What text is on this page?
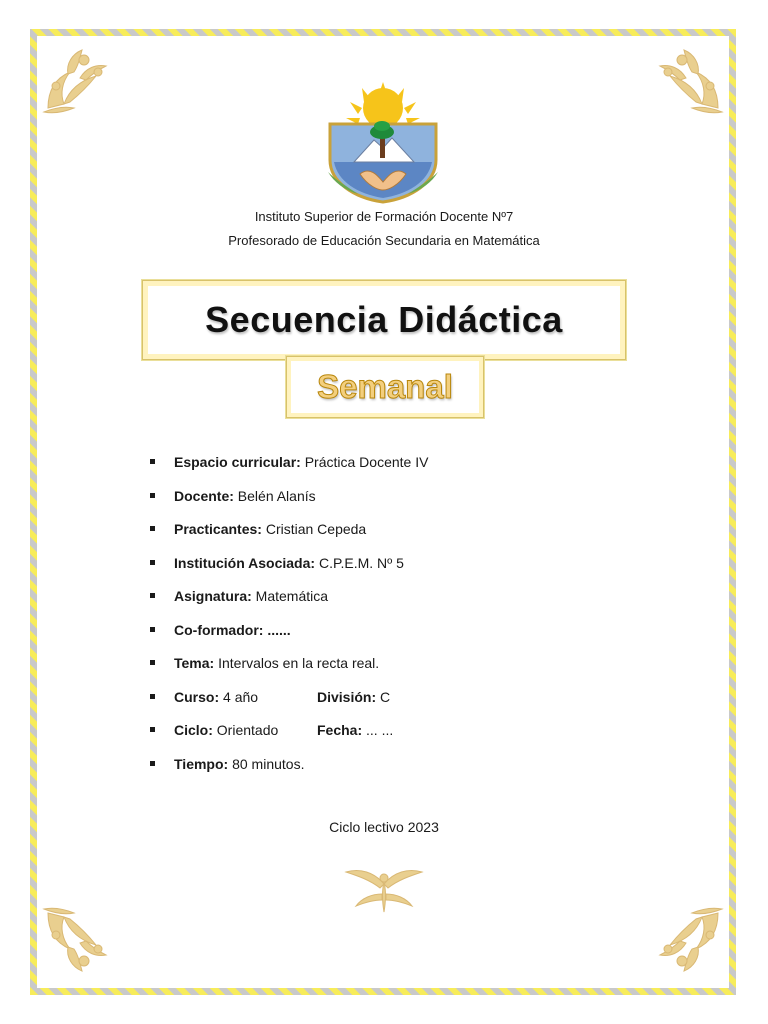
Instituto Superior de Formación Docente Nº7
Profesorado de Educación Secundaria en Matemática
Secuencia Didáctica
Semanal
Espacio curricular: Práctica Docente IV
Docente: Belén Alanís
Practicantes: Cristian Cepeda
Institución Asociada: C.P.E.M. Nº 5
Asignatura: Matemática
Co-formador: ......
Tema: Intervalos en la recta real.
Curso: 4 año	División: C
Ciclo: Orientado	Fecha: ... ...
Tiempo: 80 minutos.
Ciclo lectivo 2023
